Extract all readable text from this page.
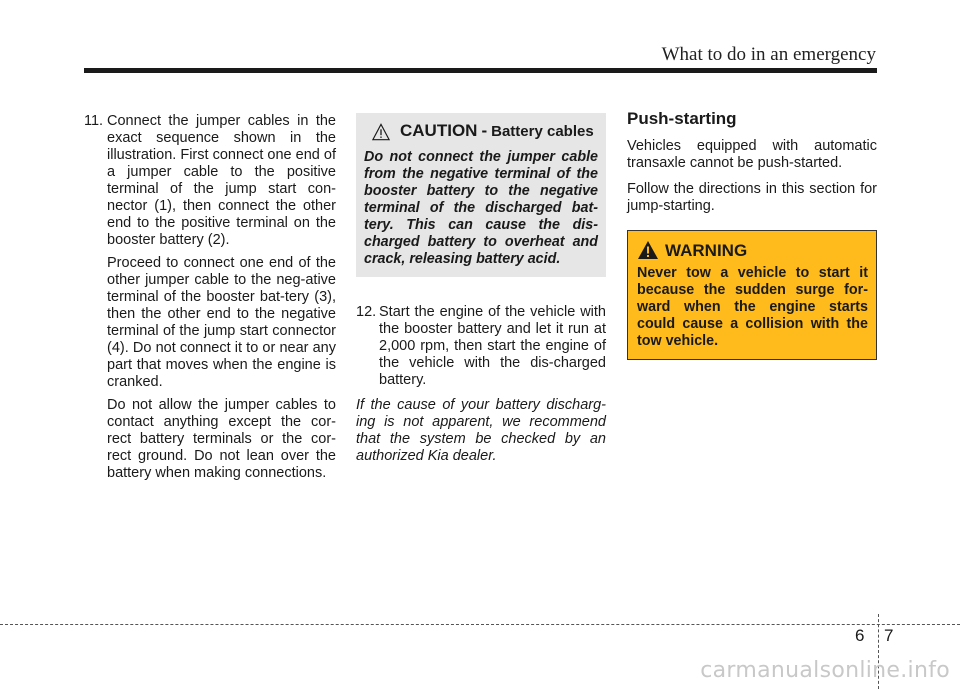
What to do in an emergency

11. Connect the jumper cables in the exact sequence shown in the illustration. First connect one end of a jumper cable to the positive terminal of the jump start con-nector (1), then connect the other end to the positive terminal on the booster battery (2).

Proceed to connect one end of the other jumper cable to the neg-ative terminal of the booster bat-tery (3), then the other end to the negative terminal of the jump start connector (4). Do not connect it to or near any part that moves when the engine is cranked.

Do not allow the jumper cables to contact anything except the cor-rect battery terminals or the cor-rect ground. Do not lean over the battery when making connections.

CAUTION - Battery cables

Do not connect the jumper cable from the negative terminal of the booster battery to the negative terminal of the discharged bat-tery. This can cause the dis-charged battery to overheat and crack, releasing battery acid.

12. Start the engine of the vehicle with the booster battery and let it run at 2,000 rpm, then start the engine of the vehicle with the dis-charged battery.

If the cause of your battery discharg-ing is not apparent, we recommend that the system be checked by an authorized Kia dealer.

Push-starting

Vehicles equipped with automatic transaxle cannot be push-started.

Follow the directions in this section for jump-starting.

WARNING

Never tow a vehicle to start it because the sudden surge for-ward when the engine starts could cause a collision with the tow vehicle.

6 7
carmanualsonline.info
